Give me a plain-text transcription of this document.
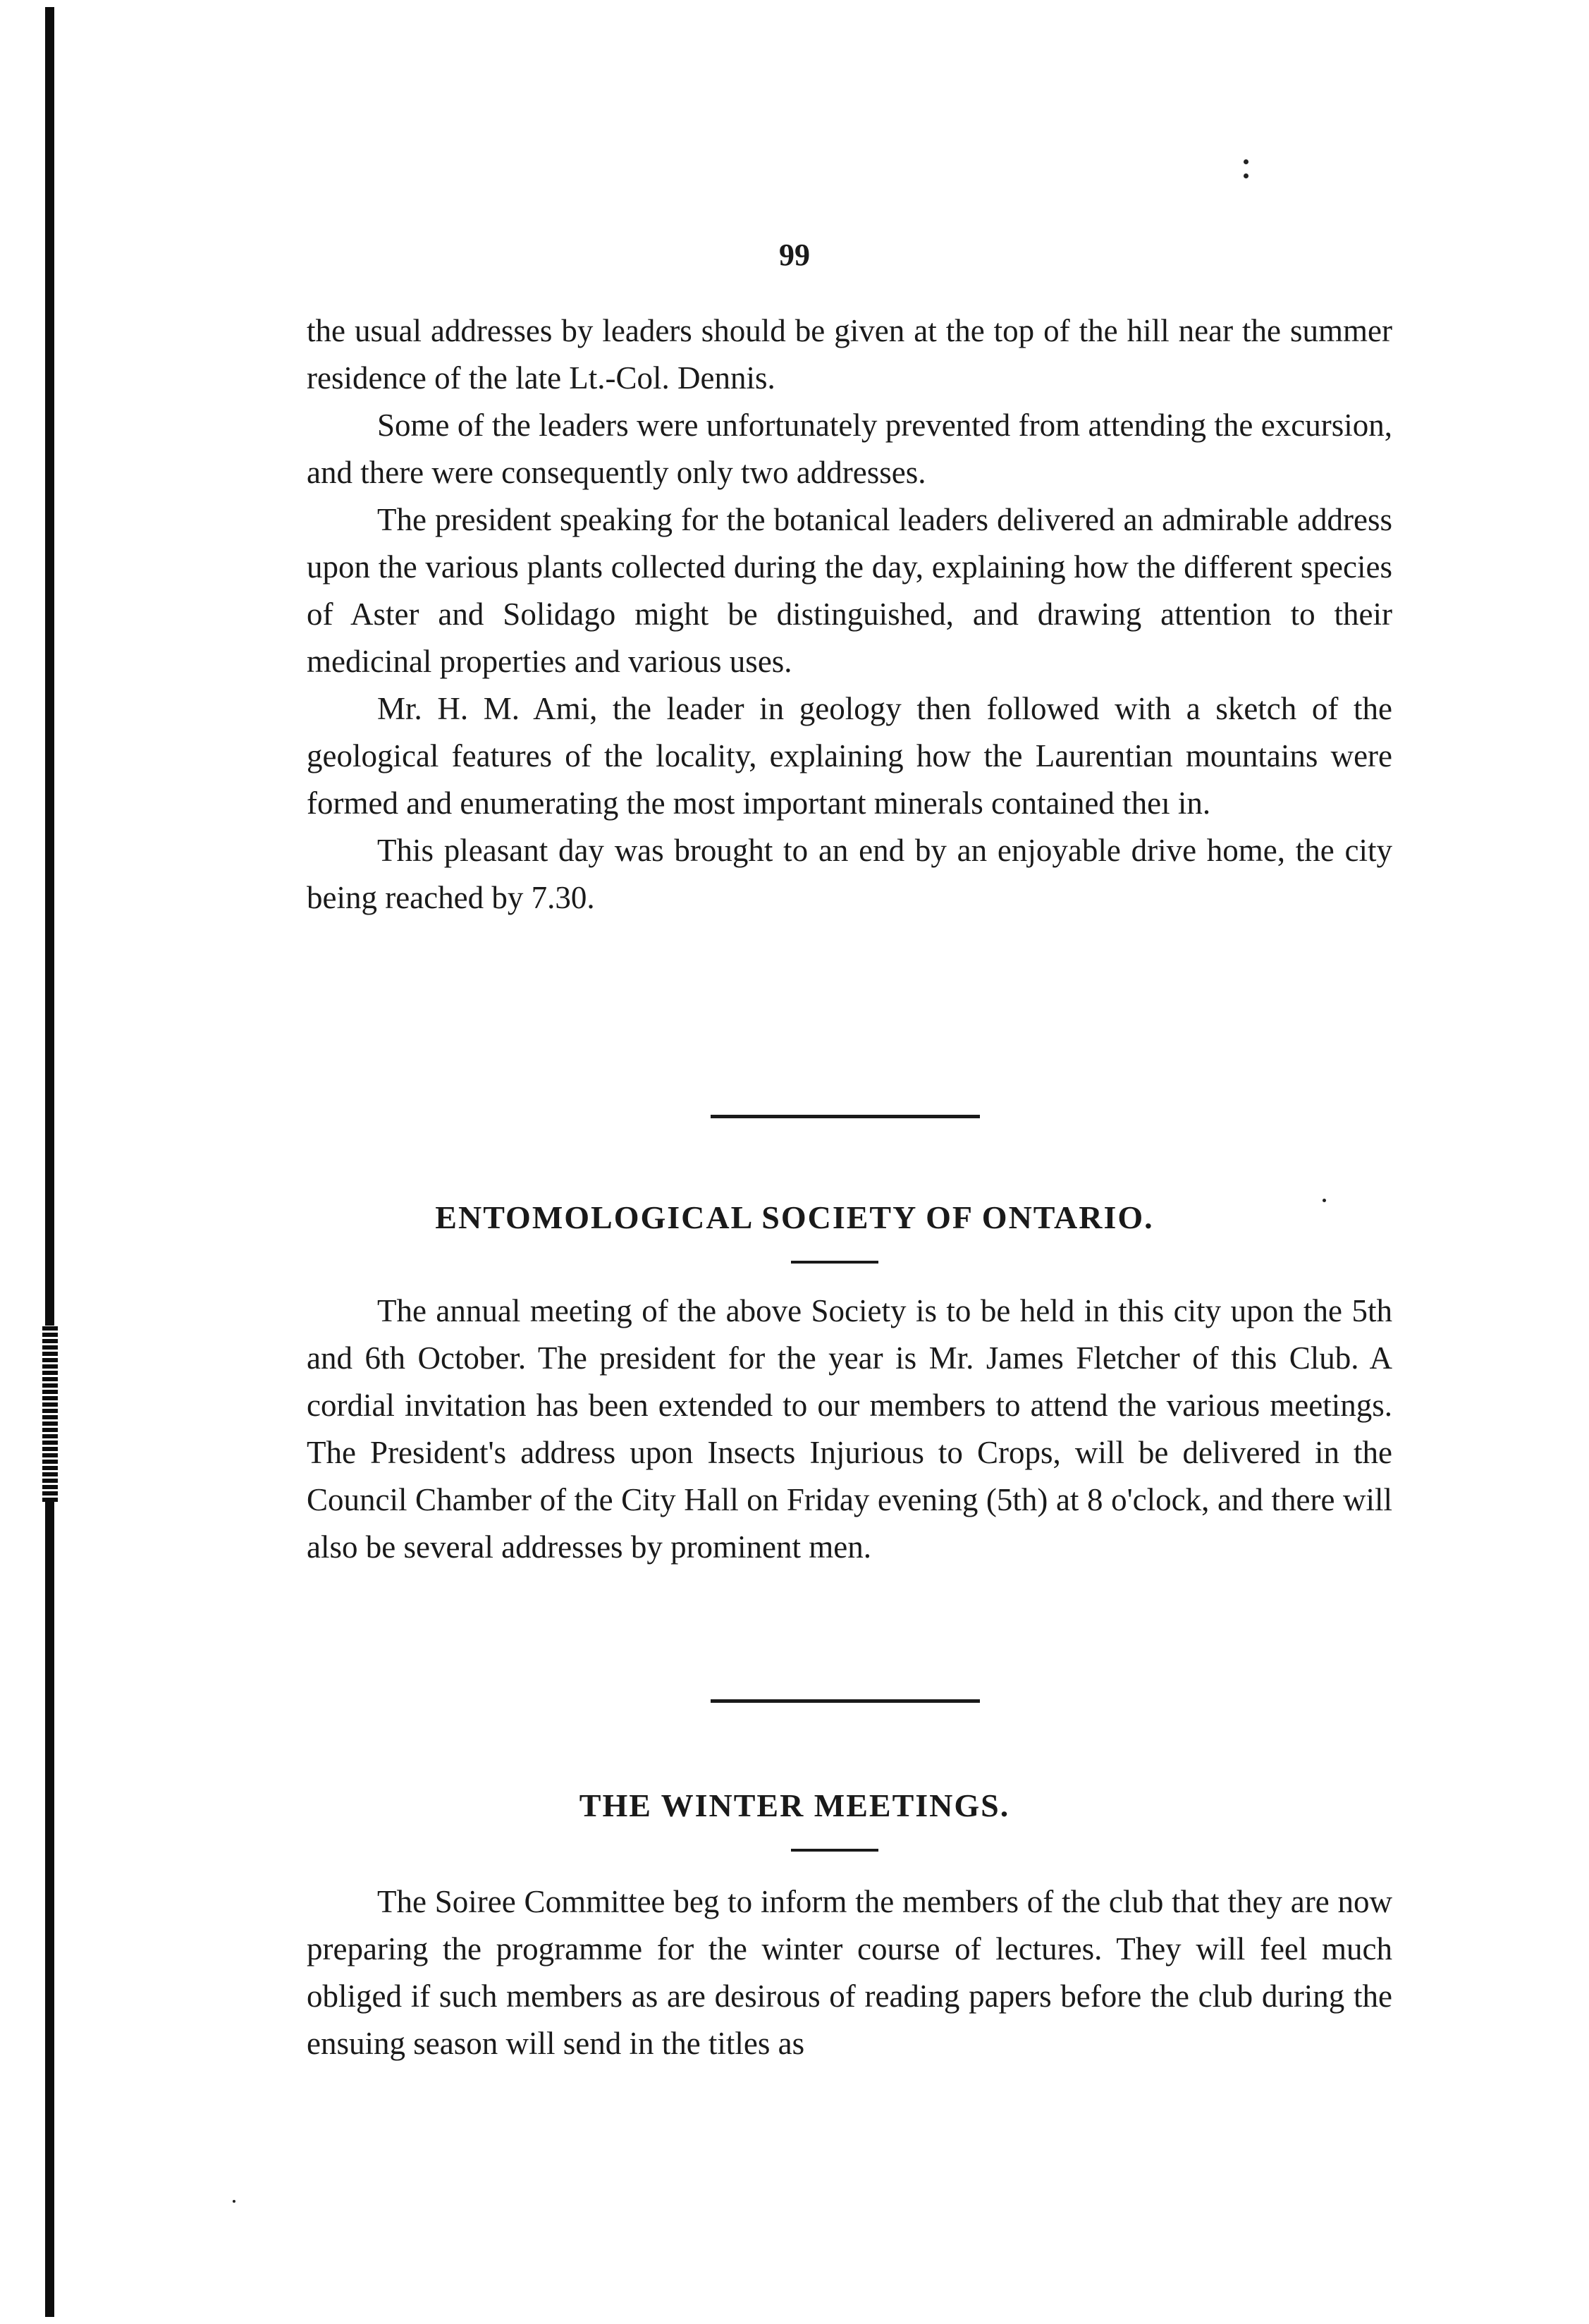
99

the usual addresses by leaders should be given at the top of the hill near the summer residence of the late Lt.-Col. Dennis.

Some of the leaders were unfortunately prevented from attending the excursion, and there were consequently only two addresses.

The president speaking for the botanical leaders delivered an admirable address upon the various plants collected during the day, explaining how the different species of Aster and Solidago might be distinguished, and drawing attention to their medicinal properties and various uses.

Mr. H. M. Ami, the leader in geology then followed with a sketch of the geological features of the locality, explaining how the Laurentian mountains were formed and enumerating the most important minerals contained theı in.

This pleasant day was brought to an end by an enjoyable drive home, the city being reached by 7.30.

ENTOMOLOGICAL SOCIETY OF ONTARIO.

The annual meeting of the above Society is to be held in this city upon the 5th and 6th October. The president for the year is Mr. James Fletcher of this Club. A cordial invitation has been extended to our members to attend the various meetings. The President's address upon Insects Injurious to Crops, will be delivered in the Council Chamber of the City Hall on Friday evening (5th) at 8 o'clock, and there will also be several addresses by prominent men.

THE WINTER MEETINGS.

The Soiree Committee beg to inform the members of the club that they are now preparing the programme for the winter course of lectures. They will feel much obliged if such members as are desirous of reading papers before the club during the ensuing season will send in the titles as
